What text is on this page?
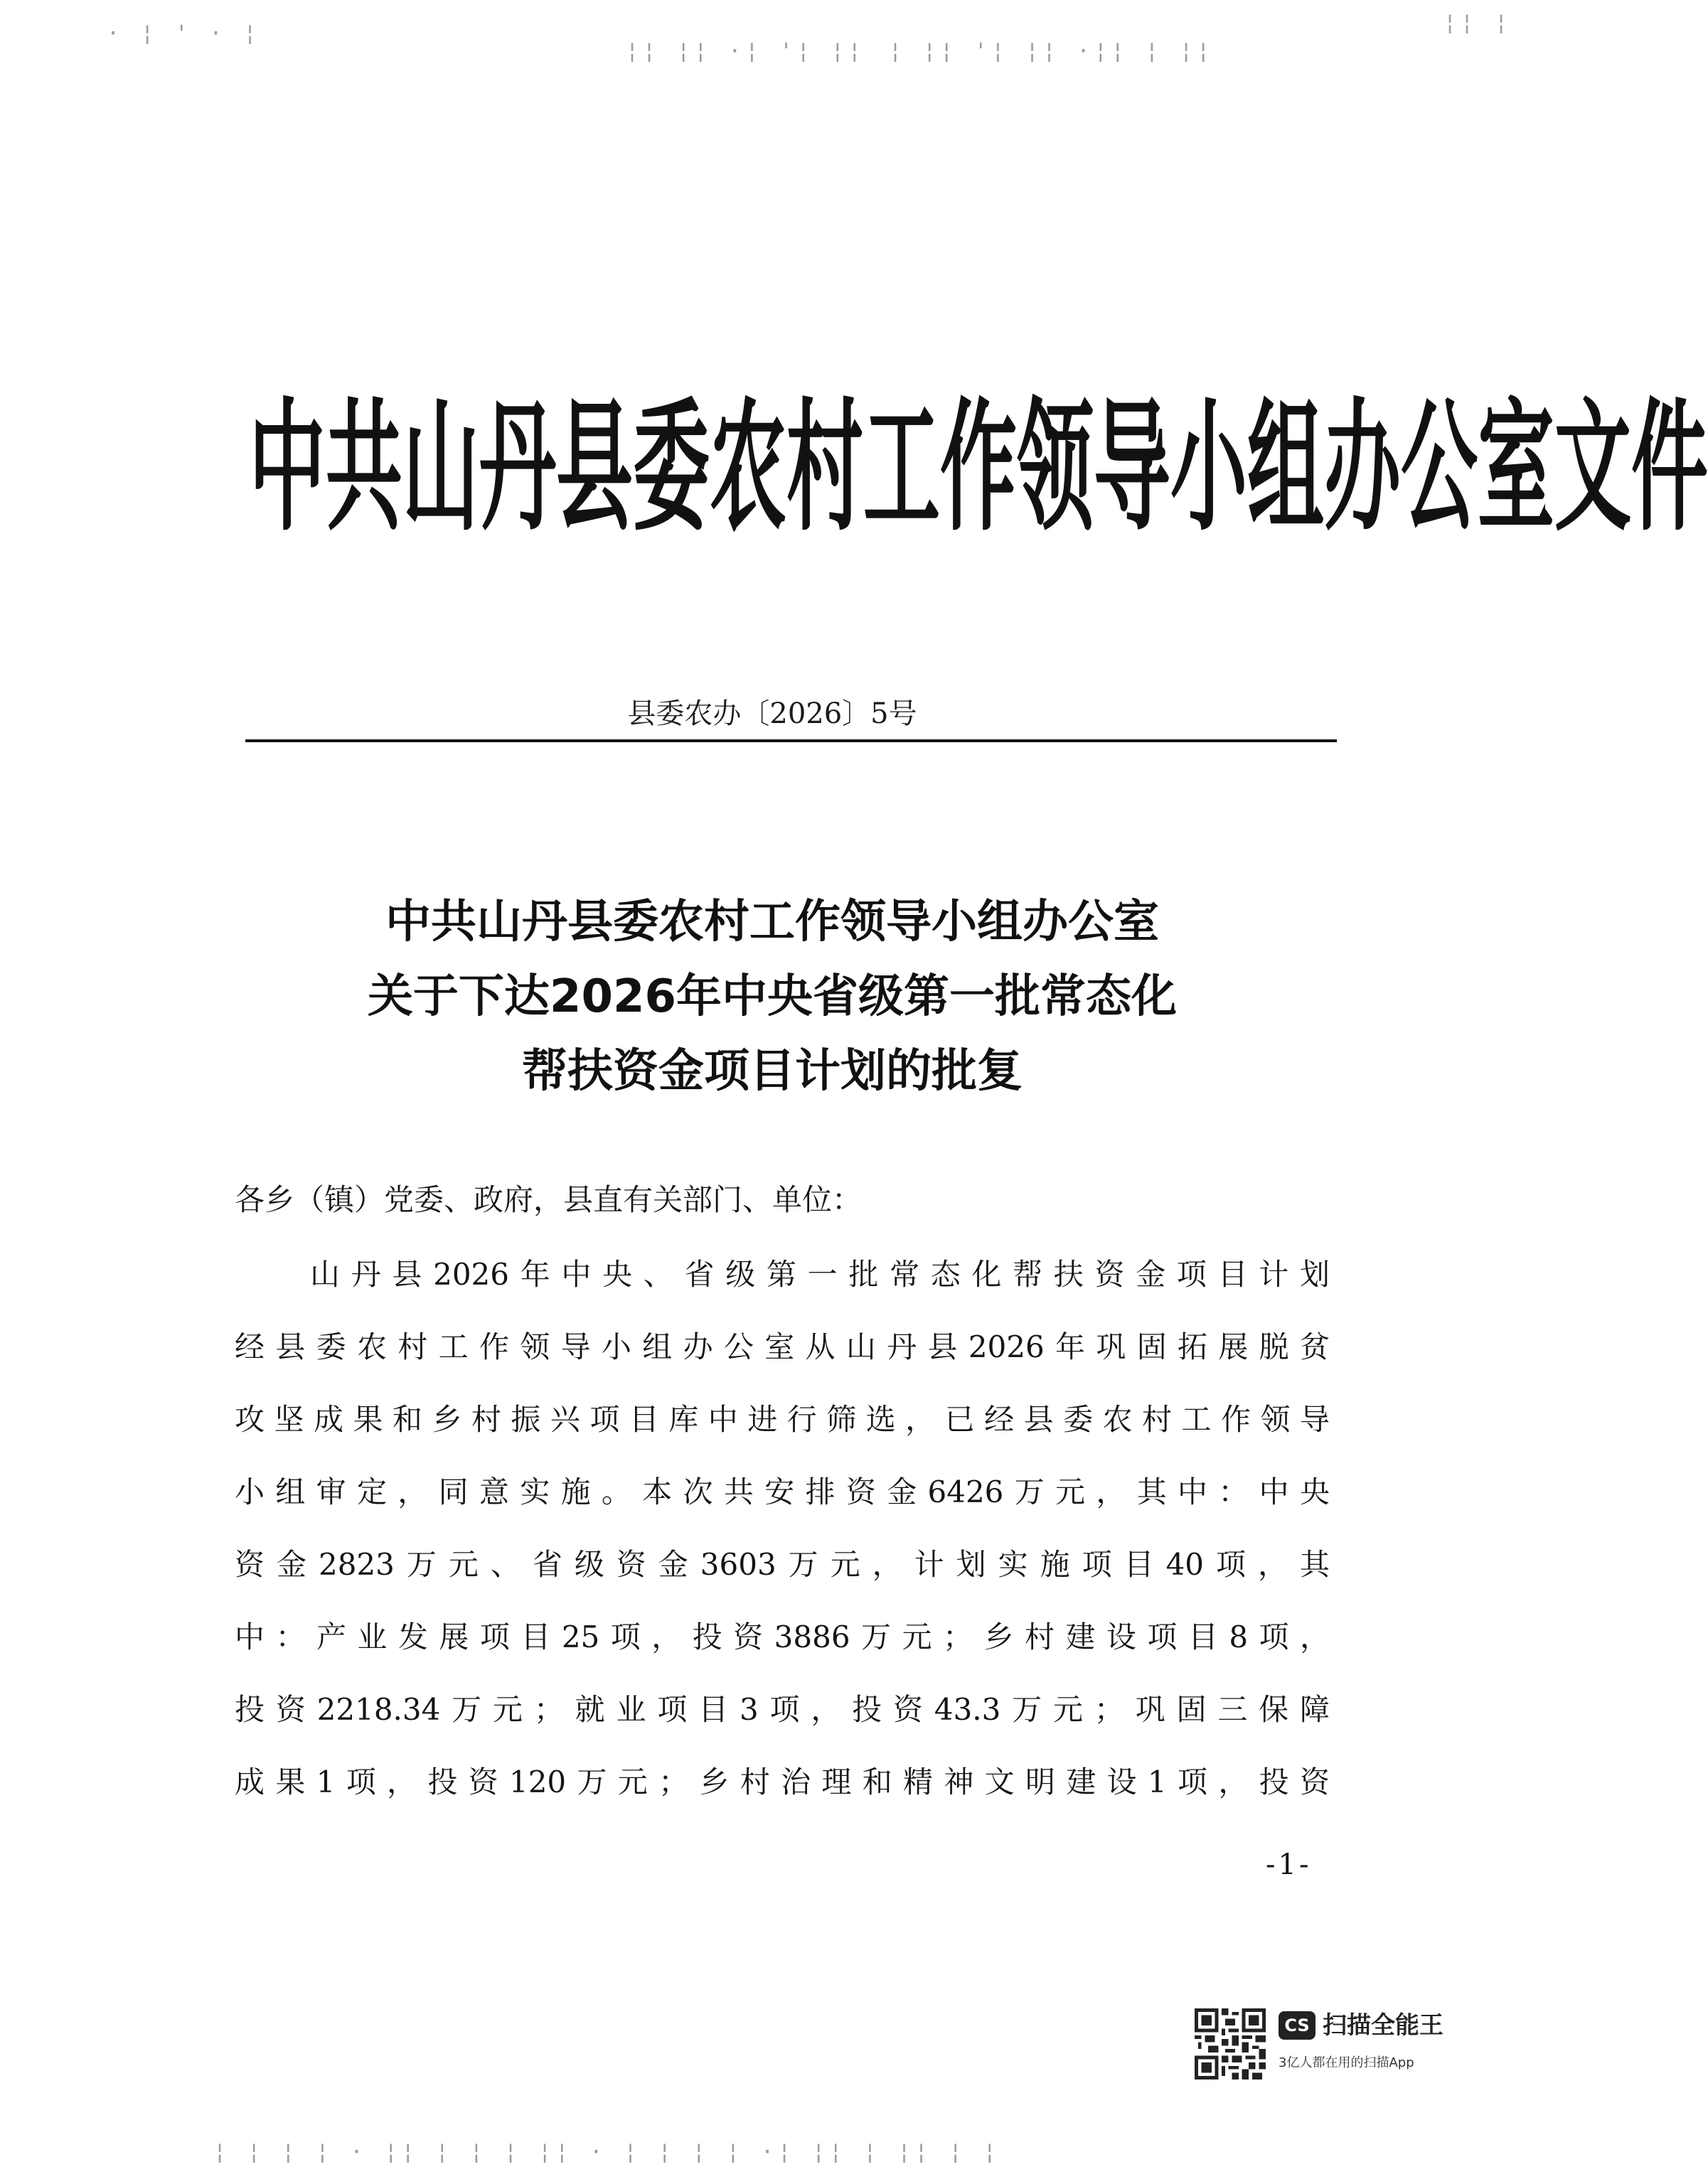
· ¦ ' · ¦
¦¦ ¦¦ ·¦ '¦ ¦¦ ¦ ¦¦ '¦ ¦¦ ·¦¦ ¦ ¦¦
¦¦ ¦
¦ ¦ ¦ ¦ · ¦¦ ¦ ¦ ¦ ¦¦ · ¦ ¦ ¦ ¦ ·¦ ¦¦ ¦ ¦¦ ¦ ¦
中共山丹县委农村工作领导小组办公室文件
县委农办〔2026〕5号
中共山丹县委农村工作领导小组办公室
关于下达2026年中央省级第一批常态化
帮扶资金项目计划的批复
各乡（镇）党委、政府，县直有关部门、单位：
山丹县2026年中央、省级第一批常态化帮扶资金项目计划
经县委农村工作领导小组办公室从山丹县2026年巩固拓展脱贫
攻坚成果和乡村振兴项目库中进行筛选，已经县委农村工作领导
小组审定，同意实施。本次共安排资金6426万元，其中：中央
资金2823万元、省级资金3603万元，计划实施项目40项，其
中：产业发展项目25项，投资3886万元；乡村建设项目8项，
投资2218.34万元；就业项目3项，投资43.3万元；巩固三保障
成果1项，投资120万元；乡村治理和精神文明建设1项，投资
-1-
CS 扫描全能王
3亿人都在用的扫描App
